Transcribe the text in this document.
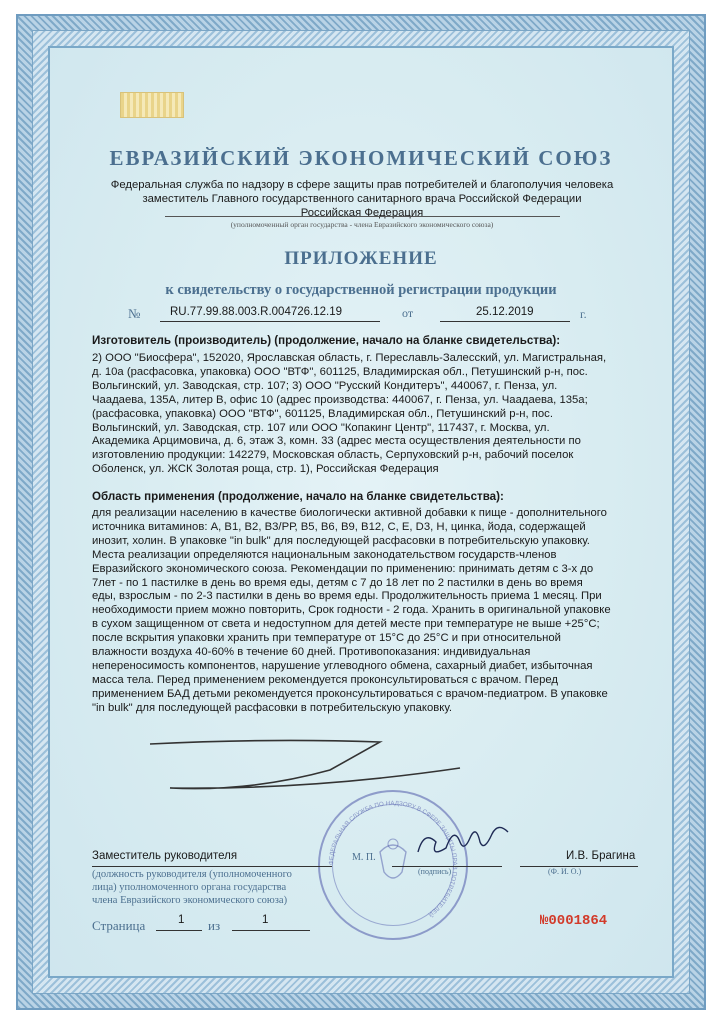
ЕВРАЗИЙСКИЙ ЭКОНОМИЧЕСКИЙ СОЮЗ
Федеральная служба по надзору в сфере защиты прав потребителей и благополучия человека
заместитель Главного государственного санитарного врача Российской Федерации
Российская Федерация
(уполномоченный орган государства - члена Евразийского экономического союза)
ПРИЛОЖЕНИЕ
к свидетельству о государственной регистрации продукции
№	RU.77.99.88.003.R.004726.12.19	от	25.12.2019	г.
Изготовитель (производитель) (продолжение, начало на бланке свидетельства):
2) ООО "Биосфера", 152020, Ярославская область, г. Переславль-Залесский, ул. Магистральная,
д. 10а (расфасовка, упаковка) ООО "ВТФ", 601125, Владимирская обл., Петушинский р-н, пос.
Вольгинский, ул. Заводская, стр. 107; 3) ООО "Русский Кондитеръ", 440067, г. Пенза, ул.
Чаадаева, 135А, литер В, офис 10 (адрес производства: 440067, г. Пенза, ул. Чаадаева, 135а;
(расфасовка, упаковка) ООО "ВТФ", 601125, Владимирская обл., Петушинский р-н, пос.
Вольгинский, ул. Заводская, стр. 107 или ООО "Копакинг Центр", 117437, г. Москва, ул.
Академика Арцимовича, д. 6, этаж 3, комн. 33 (адрес места осуществления деятельности по
изготовлению продукции: 142279, Московская область, Серпуховский р-н, рабочий поселок
Оболенск, ул. ЖСК Золотая роща, стр. 1), Российская Федерация
Область применения (продолжение, начало на бланке свидетельства):
для реализации населению в качестве биологически активной добавки к пище - дополнительного
источника витаминов: А, В1, В2, В3/РР, В5, В6, В9, В12, С, Е, D3, Н, цинка, йода, содержащей
инозит, холин. В упаковке "in bulk" для последующей расфасовки в потребительскую упаковку.
Места реализации определяются национальным законодательством государств-членов
Евразийского экономического союза. Рекомендации по применению: принимать детям с 3-х до
7лет - по 1 пастилке в день во время еды, детям с 7 до 18 лет по 2 пастилки в день во время
еды, взрослым - по 2-3 пастилки в день во время еды. Продолжительность приема 1 месяц. При
необходимости прием можно повторить, Срок годности - 2 года. Хранить в оригинальной упаковке
в сухом защищенном от света и недоступном для детей месте при температуре не выше +25°С;
после вскрытия упаковки хранить при температуре от 15°С до 25°С и при относительной
влажности воздуха 40-60% в течение 60 дней. Противопоказания: индивидуальная
непереносимость компонентов, нарушение углеводного обмена, сахарный диабет, избыточная
масса тела. Перед применением рекомендуется проконсультироваться с врачом. Перед
применением БАД детьми рекомендуется проконсультироваться с врачом-педиатром. В упаковке
"in bulk" для последующей расфасовки в потребительскую упаковку.
ФЕДЕРАЛЬНАЯ СЛУЖБА ПО НАДЗОРУ В СФЕРЕ ЗАЩИТЫ ПРАВ ПОТРЕБИТЕЛЕЙ
Заместитель руководителя	М. П.
(подпись)
И.В. Брагина
(Ф. И. О.)
(должность руководителя (уполномоченного
лица) уполномоченного органа государства
члена Евразийского экономического союза)
Страница	1 из	1	№0001864
